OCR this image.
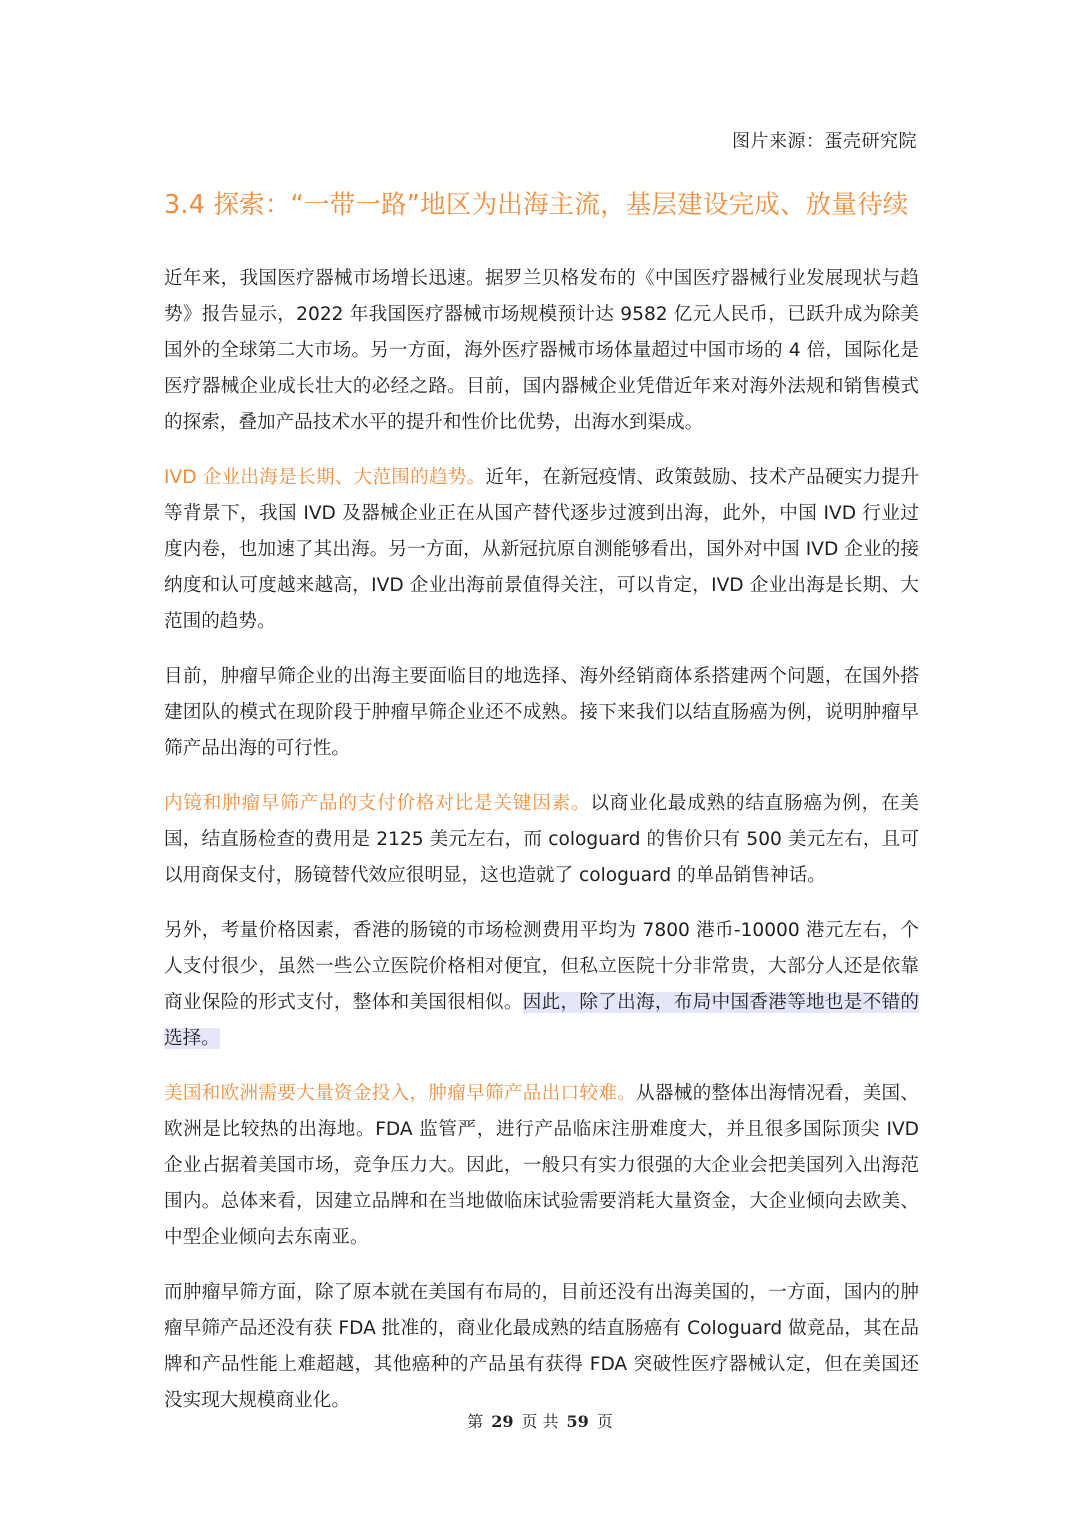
图片来源：蛋壳研究院
3.4 探索：“一带一路”地区为出海主流，基层建设完成、放量待续

近年来，我国医疗器械市场增长迅速。据罗兰贝格发布的《中国医疗器械行业发展现状与趋势》报告显示，2022 年我国医疗器械市场规模预计达 9582 亿元人民币，已跃升成为除美国外的全球第二大市场。另一方面，海外医疗器械市场体量超过中国市场的 4 倍，国际化是医疗器械企业成长壮大的必经之路。目前，国内器械企业凭借近年来对海外法规和销售模式的探索，叠加产品技术水平的提升和性价比优势，出海水到渠成。

IVD 企业出海是长期、大范围的趋势。近年，在新冠疫情、政策鼓励、技术产品硬实力提升等背景下，我国 IVD 及器械企业正在从国产替代逐步过渡到出海，此外，中国 IVD 行业过度内卷，也加速了其出海。另一方面，从新冠抗原自测能够看出，国外对中国 IVD 企业的接纳度和认可度越来越高，IVD 企业出海前景值得关注，可以肯定，IVD 企业出海是长期、大范围的趋势。

目前，肿瘤早筛企业的出海主要面临目的地选择、海外经销商体系搭建两个问题，在国外搭建团队的模式在现阶段于肿瘤早筛企业还不成熟。接下来我们以结直肠癌为例，说明肿瘤早筛产品出海的可行性。

内镜和肿瘤早筛产品的支付价格对比是关键因素。以商业化最成熟的结直肠癌为例，在美国，结直肠检查的费用是 2125 美元左右，而 cologuard 的售价只有 500 美元左右，且可以用商保支付，肠镜替代效应很明显，这也造就了 cologuard 的单品销售神话。

另外，考量价格因素，香港的肠镜的市场检测费用平均为 7800 港币-10000 港元左右，个人支付很少，虽然一些公立医院价格相对便宜，但私立医院十分非常贵，大部分人还是依靠商业保险的形式支付，整体和美国很相似。因此，除了出海，布局中国香港等地也是不错的选择。

美国和欧洲需要大量资金投入，肿瘤早筛产品出口较难。从器械的整体出海情况看，美国、欧洲是比较热的出海地。FDA 监管严，进行产品临床注册难度大，并且很多国际顶尖 IVD 企业占据着美国市场，竞争压力大。因此，一般只有实力很强的大企业会把美国列入出海范围内。总体来看，因建立品牌和在当地做临床试验需要消耗大量资金，大企业倾向去欧美、中型企业倾向去东南亚。

而肿瘤早筛方面，除了原本就在美国有布局的，目前还没有出海美国的，一方面，国内的肿瘤早筛产品还没有获 FDA 批准的，商业化最成熟的结直肠癌有 Cologuard 做竞品，其在品牌和产品性能上难超越，其他癌种的产品虽有获得 FDA 突破性医疗器械认定，但在美国还没实现大规模商业化。

第 29 页 共 59 页
